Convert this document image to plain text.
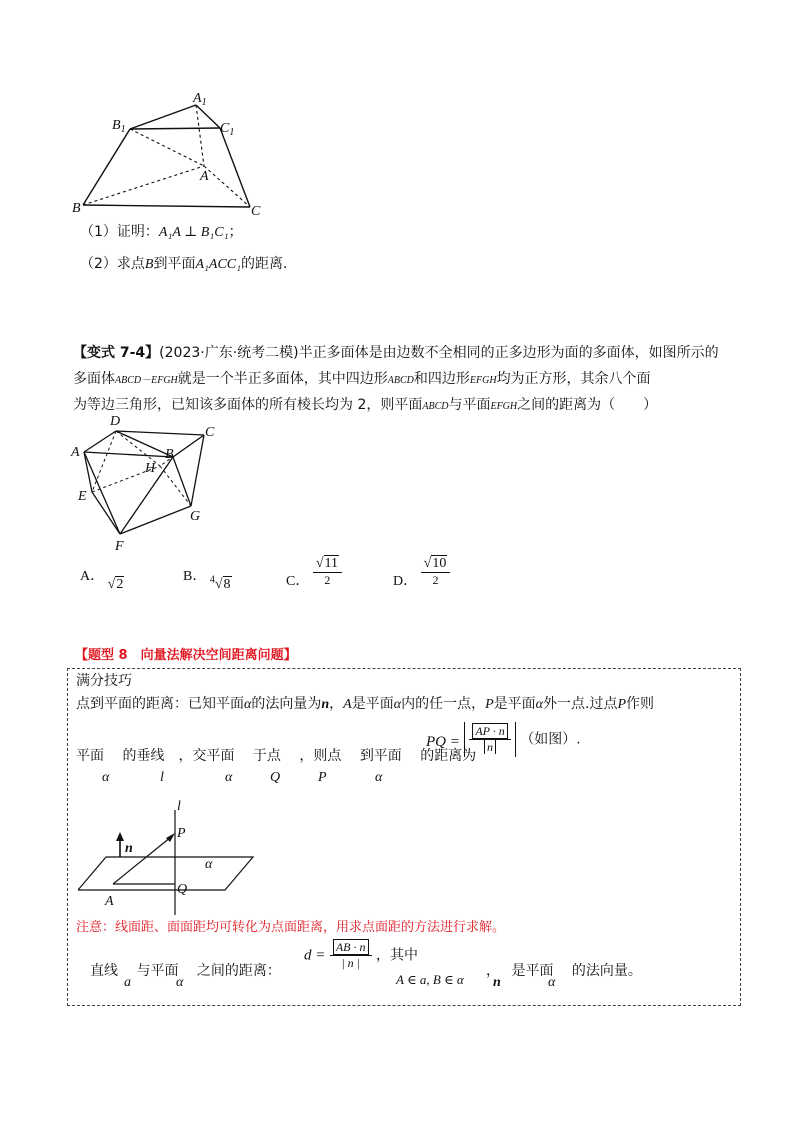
$A_1$
$B_1$	$C_1$
A
B	C
（1）证明：A₁A ⊥ B₁C₁；
（2）求点B到平面A₁ACC₁的距离．
【变式 7-4】(2023·广东·统考二模)半正多面体是由边数不全相同的正多边形为面的多面体，如图所示的
多面体ABCD－EFGH就是一个半正多面体，其中四边形ABCD和四边形EFGH均为正方形，其余八个面
为等边三角形，已知该多面体的所有棱长均为 2，则平面ABCD与平面EFGH之间的距离为（　　）
D
C
A	B
H
E
G
F
A． √2
B． $^4$√8	C． $\frac{√11}{2}$	D． $\frac{√10}{2}$
【题型 8　向量法解决空间距离问题】
满分技巧
点到平面的距离：已知平面α的法向量为n，A是平面α内的任一点，P是平面α外一点.过点P作则
平面　 的垂线　 ，交平面　 于点　 ，则点　 到平面　 的距离为
α	l	α	Q	P	α
PQ = $\frac{AP \cdot n}{n}$ （如图）.
l
P
n
α
A
Q
注意：线面距、面面距均可转化为点面距离，用求点面距的方法进行求解。
直线　 与平面　 之间的距离：
a	α	n	α
$d = \frac{AB \cdot n}{| n |}$ ，其中
A ∈ a, B ∈ α
，　 是平面　 的法向量。
